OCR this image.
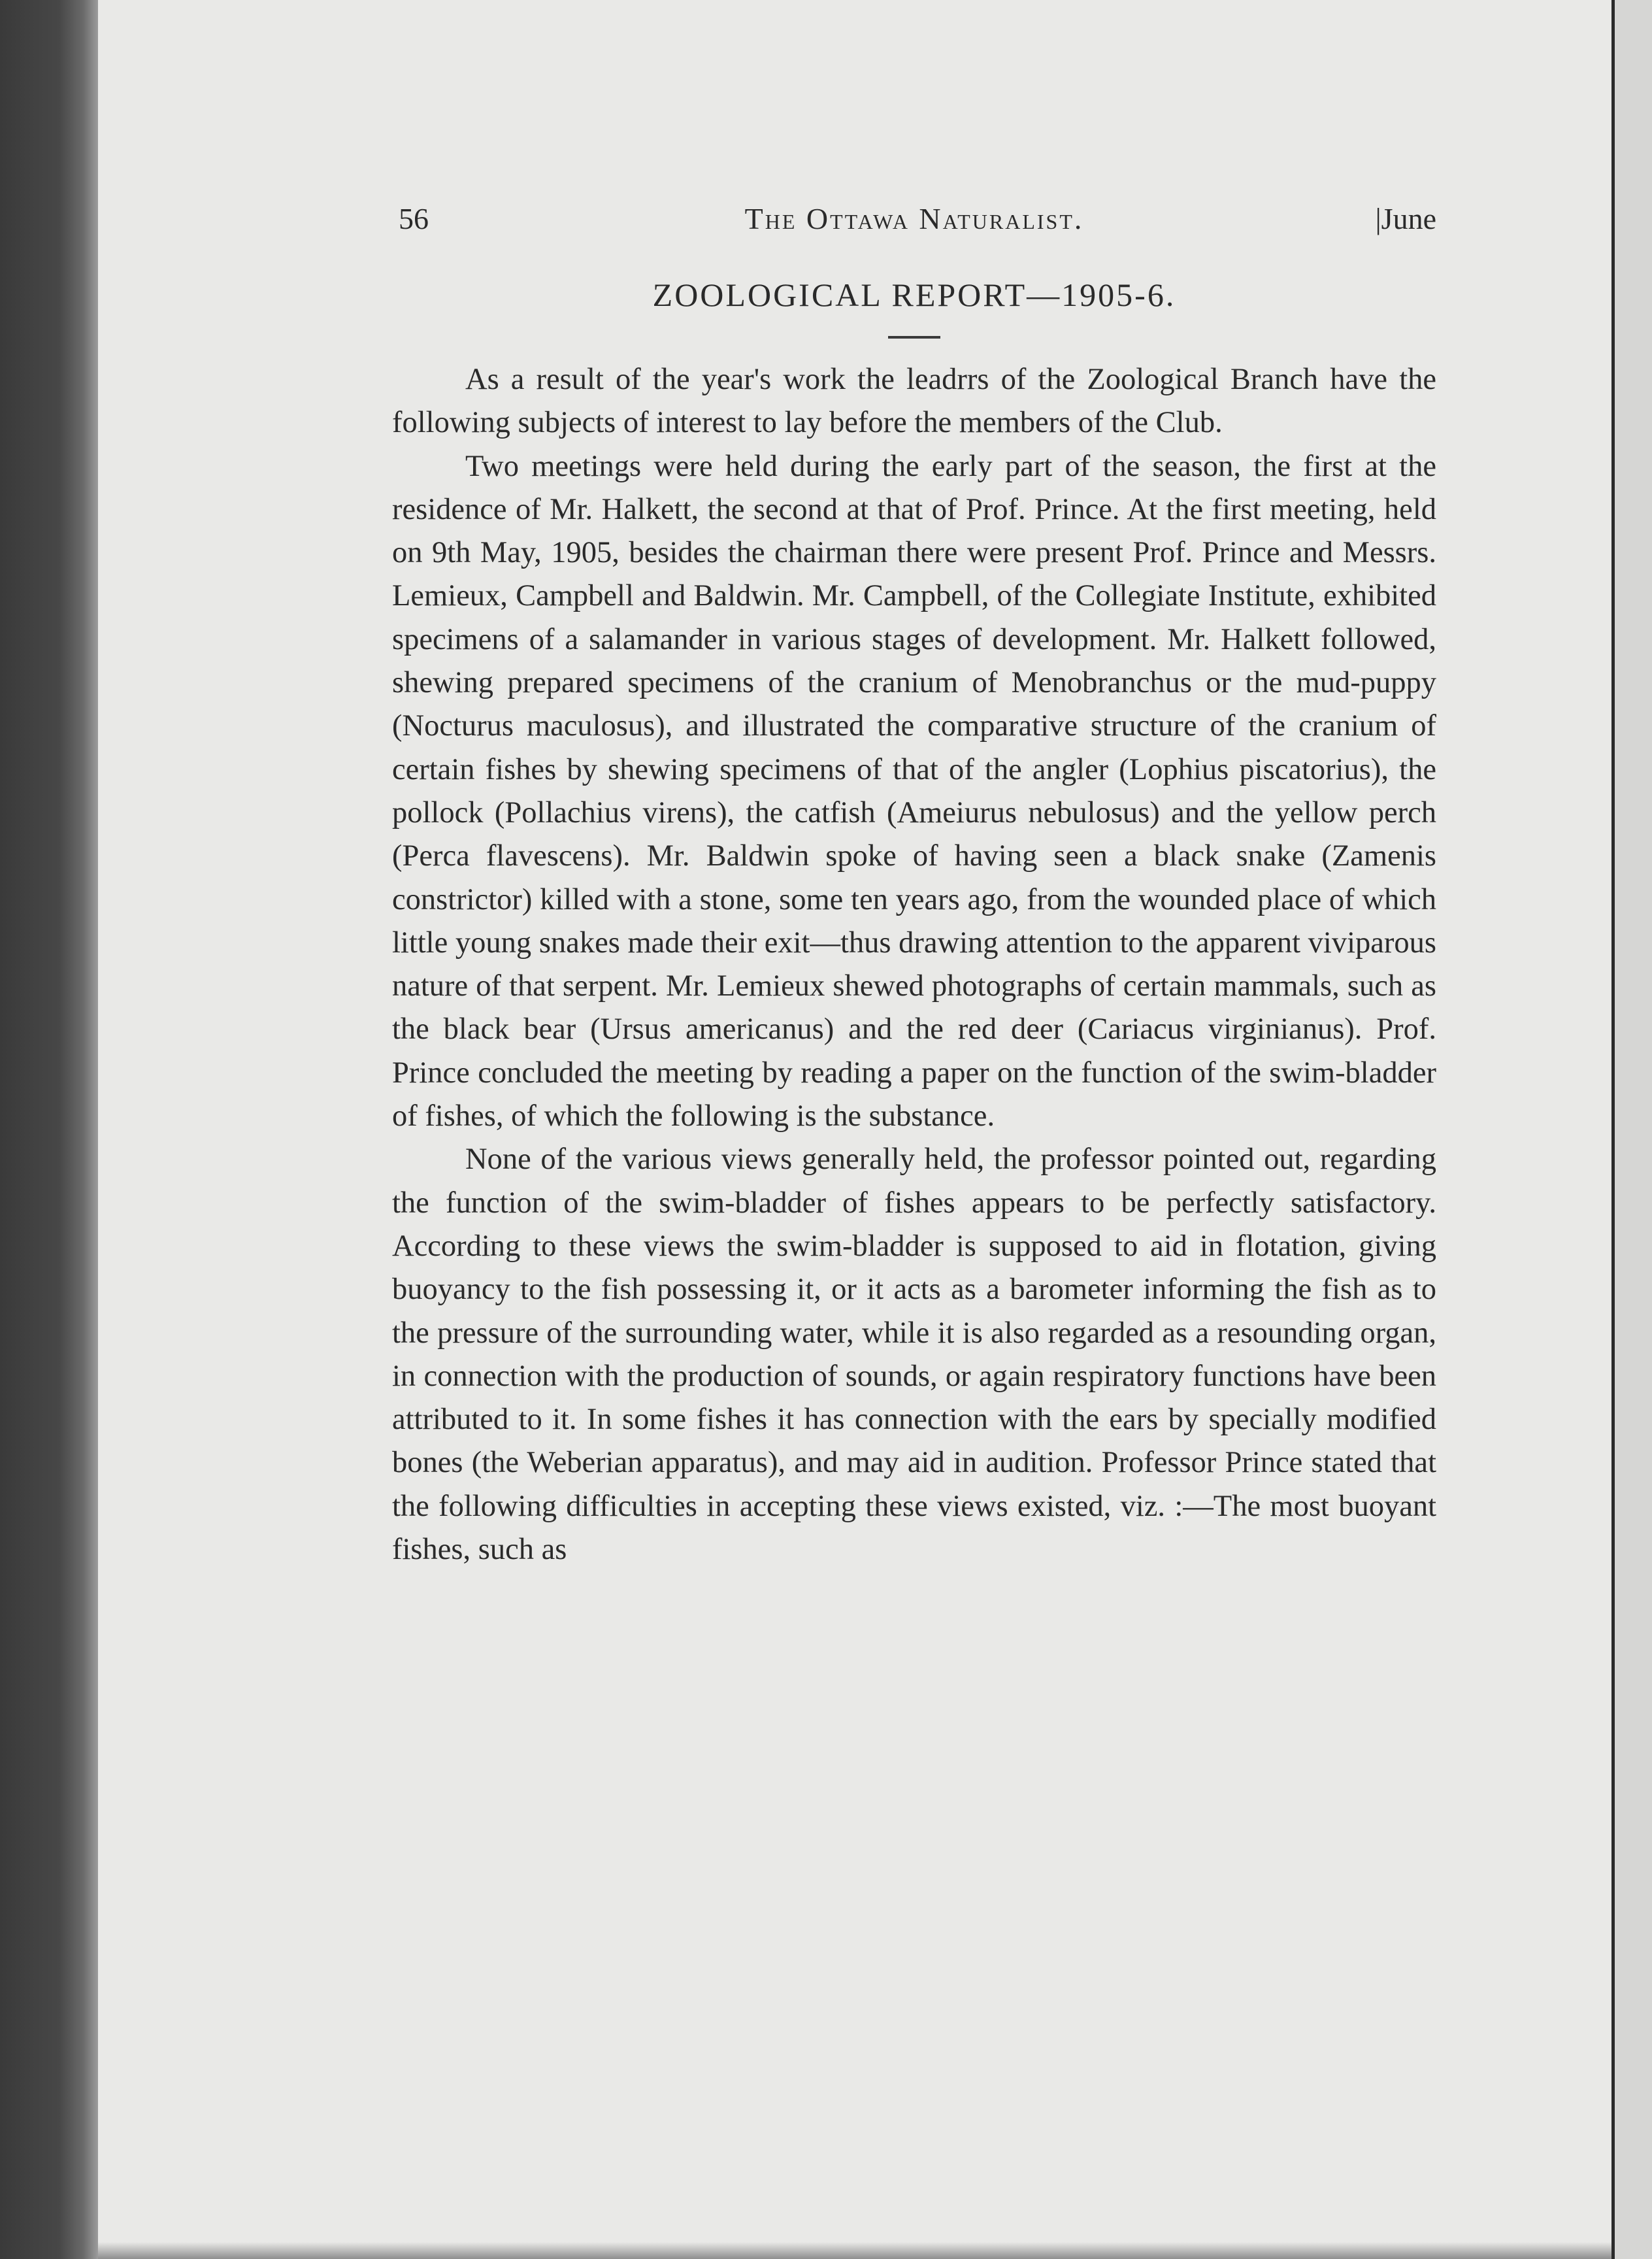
56	The Ottawa Naturalist.	|June
ZOOLOGICAL REPORT—1905-6.

As a result of the year's work the leadrrs of the Zoological Branch have the following subjects of interest to lay before the members of the Club.

Two meetings were held during the early part of the season, the first at the residence of Mr. Halkett, the second at that of Prof. Prince. At the first meeting, held on 9th May, 1905, besides the chairman there were present Prof. Prince and Messrs. Lemieux, Campbell and Baldwin. Mr. Campbell, of the Collegiate Institute, exhibited specimens of a salamander in various stages of development. Mr. Halkett followed, shewing prepared specimens of the cranium of Menobranchus or the mud-puppy (Nocturus maculosus), and illustrated the comparative structure of the cranium of certain fishes by shewing specimens of that of the angler (Lophius piscatorius), the pollock (Pollachius virens), the catfish (Ameiurus nebulosus) and the yellow perch (Perca flavescens). Mr. Baldwin spoke of having seen a black snake (Zamenis constrictor) killed with a stone, some ten years ago, from the wounded place of which little young snakes made their exit—thus drawing attention to the apparent viviparous nature of that serpent. Mr. Lemieux shewed photographs of certain mammals, such as the black bear (Ursus americanus) and the red deer (Cariacus virginianus). Prof. Prince concluded the meeting by reading a paper on the function of the swim-bladder of fishes, of which the following is the substance.

None of the various views generally held, the professor pointed out, regarding the function of the swim-bladder of fishes appears to be perfectly satisfactory. According to these views the swim-bladder is supposed to aid in flotation, giving buoyancy to the fish possessing it, or it acts as a barometer informing the fish as to the pressure of the surrounding water, while it is also regarded as a resounding organ, in connection with the production of sounds, or again respiratory functions have been attributed to it. In some fishes it has connection with the ears by specially modified bones (the Weberian apparatus), and may aid in audition. Professor Prince stated that the following difficulties in accepting these views existed, viz. :—The most buoyant fishes, such as
